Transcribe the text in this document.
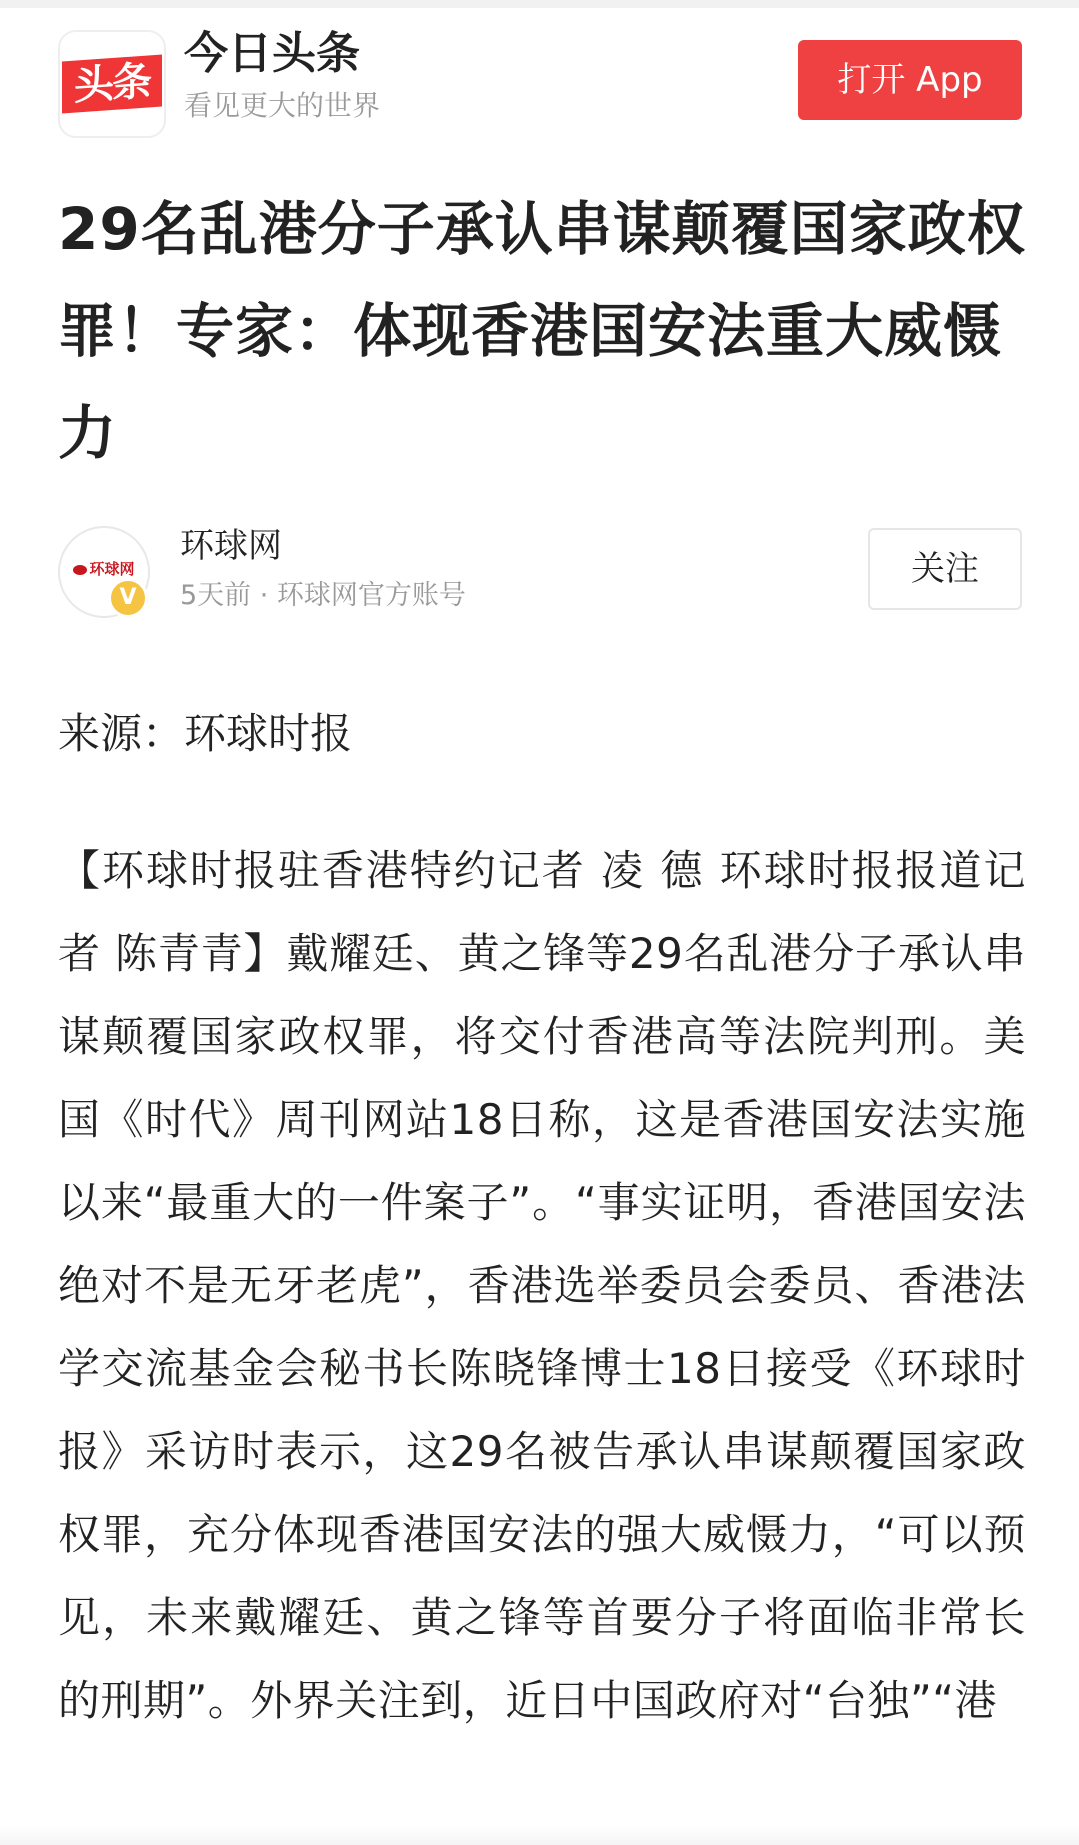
头条
今日头条
看见更大的世界
打开 App
29名乱港分子承认串谋颠覆国家政权罪！专家：体现香港国安法重大威慑力
环球网
V
环球网
5天前 · 环球网官方账号
关注

来源：环球时报

【环球时报驻香港特约记者 凌 德 环球时报报道记者 陈青青】戴耀廷、黄之锋等29名乱港分子承认串谋颠覆国家政权罪，将交付香港高等法院判刑。美国《时代》周刊网站18日称，这是香港国安法实施以来“最重大的一件案子”。“事实证明，香港国安法绝对不是无牙老虎”，香港选举委员会委员、香港法学交流基金会秘书长陈晓锋博士18日接受《环球时报》采访时表示，这29名被告承认串谋颠覆国家政权罪，充分体现香港国安法的强大威慑力，“可以预见，未来戴耀廷、黄之锋等首要分子将面临非常长的刑期”。外界关注到，近日中国政府对“台独”“港
